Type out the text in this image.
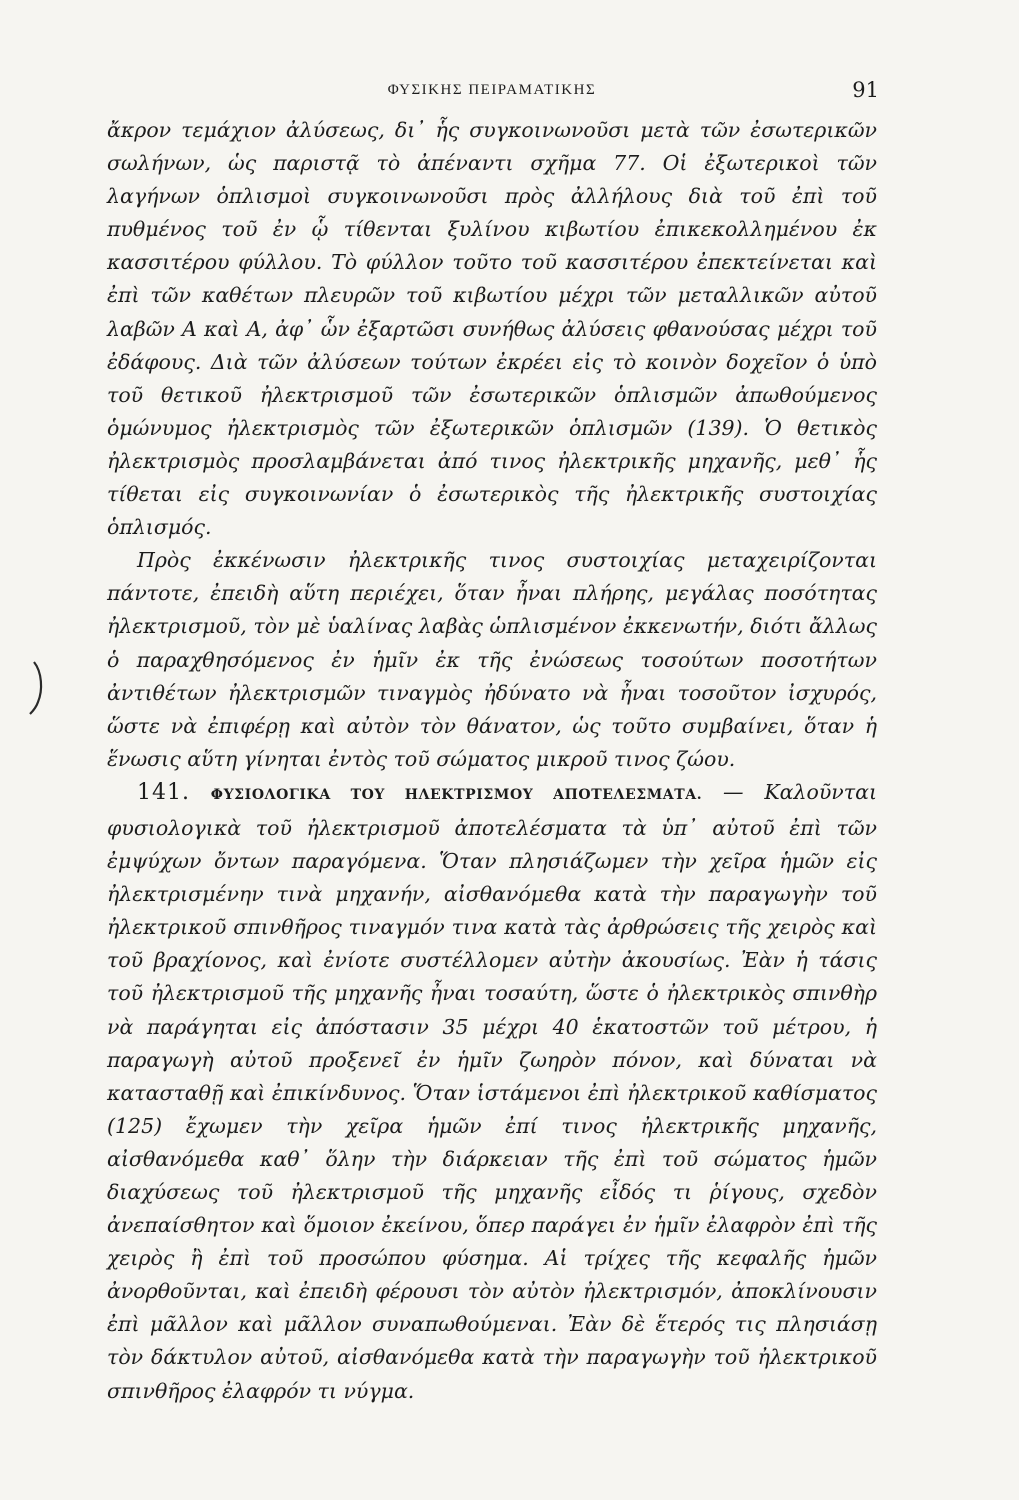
ΦΥΣΙΚΗΣ ΠΕΙΡΑΜΑΤΙΚΗΣ	91

ἄκρον τεμάχιον ἀλύσεως, δι᾽ ἧς συγκοινωνοῦσι μετὰ τῶν ἐσωτερικῶν σωλήνων, ὡς παριστᾷ τὸ ἀπέναντι σχῆμα 77. Οἱ ἐξωτερικοὶ τῶν λαγήνων ὁπλισμοὶ συγκοινωνοῦσι πρὸς ἀλλήλους διὰ τοῦ ἐπὶ τοῦ πυθμένος τοῦ ἐν ᾧ τίθενται ξυλίνου κιβωτίου ἐπικεκολλημένου ἐκ κασσιτέρου φύλλου. Τὸ φύλλον τοῦτο τοῦ κασσιτέρου ἐπεκτείνεται καὶ ἐπὶ τῶν καθέτων πλευρῶν τοῦ κιβωτίου μέχρι τῶν μεταλλικῶν αὐτοῦ λαβῶν Α καὶ Α, ἀφ᾽ ὧν ἐξαρτῶσι συνήθως ἀλύσεις φθανούσας μέχρι τοῦ ἐδάφους. Διὰ τῶν ἀλύσεων τούτων ἐκρέει εἰς τὸ κοινὸν δοχεῖον ὁ ὑπὸ τοῦ θετικοῦ ἠλεκτρισμοῦ τῶν ἐσωτερικῶν ὁπλισμῶν ἀπωθούμενος ὁμώνυμος ἠλεκτρισμὸς τῶν ἐξωτερικῶν ὁπλισμῶν (139). Ὁ θετικὸς ἠλεκτρισμὸς προσλαμβάνεται ἀπό τινος ἠλεκτρικῆς μηχανῆς, μεθ᾽ ἧς τίθεται εἰς συγκοινωνίαν ὁ ἐσωτερικὸς τῆς ἠλεκτρικῆς συστοιχίας ὁπλισμός.

Πρὸς ἐκκένωσιν ἠλεκτρικῆς τινος συστοιχίας μεταχειρίζονται πάντοτε, ἐπειδὴ αὕτη περιέχει, ὅταν ἦναι πλήρης, μεγάλας ποσότητας ἠλεκτρισμοῦ, τὸν μὲ ὑαλίνας λαβὰς ὡπλισμένον ἐκκενωτήν, διότι ἄλλως ὁ παραχθησόμενος ἐν ἡμῖν ἐκ τῆς ἐνώσεως τοσούτων ποσοτήτων ἀντιθέτων ἠλεκτρισμῶν τιναγμὸς ἠδύνατο νὰ ἦναι τοσοῦτον ἰσχυρός, ὥστε νὰ ἐπιφέρῃ καὶ αὐτὸν τὸν θάνατον, ὡς τοῦτο συμβαίνει, ὅταν ἡ ἕνωσις αὕτη γίνηται ἐντὸς τοῦ σώματος μικροῦ τινος ζώου.

141. ΦΥΣΙΟΛΟΓΙΚΑ ΤΟΥ ΗΛΕΚΤΡΙΣΜΟΥ ΑΠΟΤΕΛΕΣΜΑΤΑ. — Καλοῦνται φυσιολογικὰ τοῦ ἠλεκτρισμοῦ ἀποτελέσματα τὰ ὑπ᾽ αὐτοῦ ἐπὶ τῶν ἐμψύχων ὄντων παραγόμενα. Ὅταν πλησιάζωμεν τὴν χεῖρα ἡμῶν εἰς ἠλεκτρισμένην τινὰ μηχανήν, αἰσθανόμεθα κατὰ τὴν παραγωγὴν τοῦ ἠλεκτρικοῦ σπινθῆρος τιναγμόν τινα κατὰ τὰς ἀρθρώσεις τῆς χειρὸς καὶ τοῦ βραχίονος, καὶ ἐνίοτε συστέλλομεν αὐτὴν ἀκουσίως. Ἐὰν ἡ τάσις τοῦ ἠλεκτρισμοῦ τῆς μηχανῆς ἦναι τοσαύτη, ὥστε ὁ ἠλεκτρικὸς σπινθὴρ νὰ παράγηται εἰς ἀπόστασιν 35 μέχρι 40 ἑκατοστῶν τοῦ μέτρου, ἡ παραγωγὴ αὐτοῦ προξενεῖ ἐν ἡμῖν ζωηρὸν πόνον, καὶ δύναται νὰ κατασταθῇ καὶ ἐπικίνδυνος. Ὅταν ἱστάμενοι ἐπὶ ἠλεκτρικοῦ καθίσματος (125) ἔχωμεν τὴν χεῖρα ἡμῶν ἐπί τινος ἠλεκτρικῆς μηχανῆς, αἰσθανόμεθα καθ᾽ ὅλην τὴν διάρκειαν τῆς ἐπὶ τοῦ σώματος ἡμῶν διαχύσεως τοῦ ἠλεκτρισμοῦ τῆς μηχανῆς εἶδός τι ῥίγους, σχεδὸν ἀνεπαίσθητον καὶ ὅμοιον ἐκείνου, ὅπερ παράγει ἐν ἡμῖν ἐλαφρὸν ἐπὶ τῆς χειρὸς ἢ ἐπὶ τοῦ προσώπου φύσημα. Αἱ τρίχες τῆς κεφαλῆς ἡμῶν ἀνορθοῦνται, καὶ ἐπειδὴ φέρουσι τὸν αὐτὸν ἠλεκτρισμόν, ἀποκλίνουσιν ἐπὶ μᾶλλον καὶ μᾶλλον συναπωθούμεναι. Ἐὰν δὲ ἕτερός τις πλησιάσῃ τὸν δάκτυλον αὐτοῦ, αἰσθανόμεθα κατὰ τὴν παραγωγὴν τοῦ ἠλεκτρικοῦ σπινθῆρος ἐλαφρόν τι νύγμα.
